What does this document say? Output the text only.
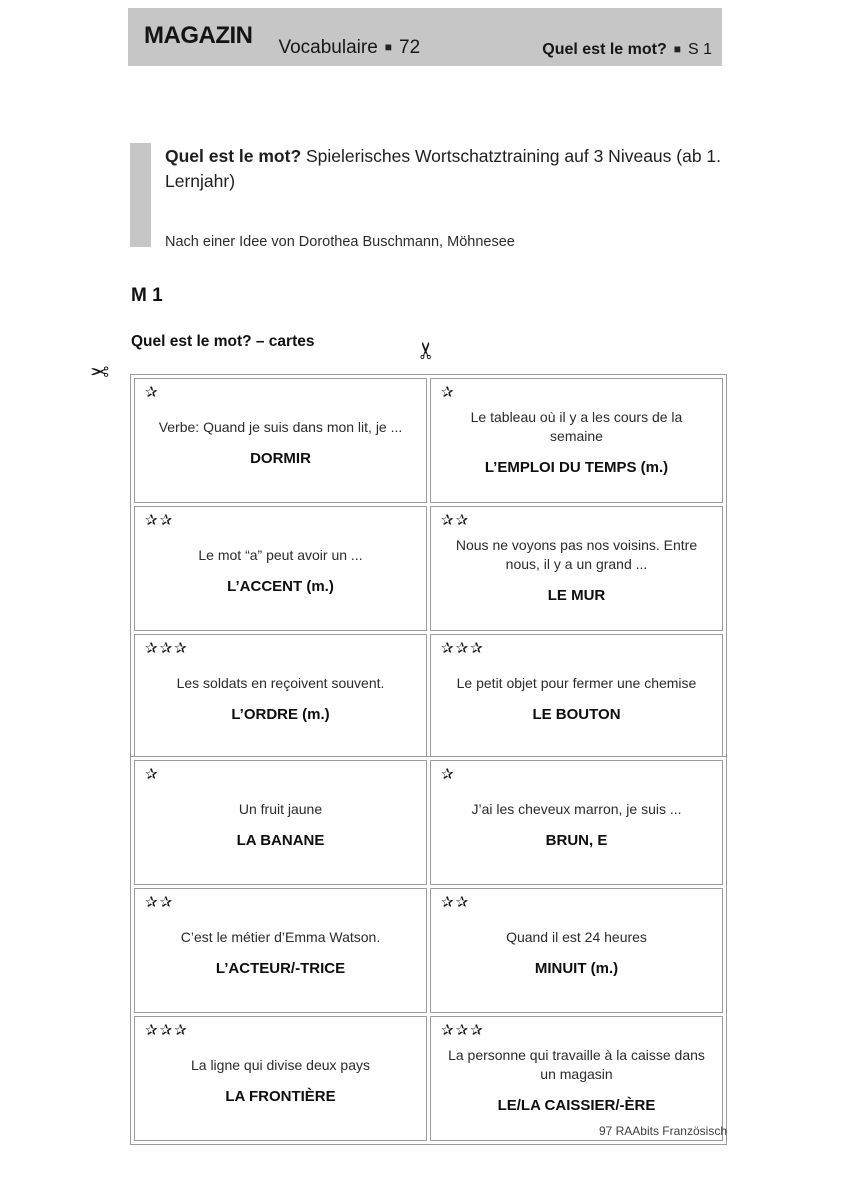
MAGAZIN Vocabulaire ■ 72	Quel est le mot? ■ S 1
Quel est le mot? Spielerisches Wortschatztraining auf 3 Niveaus (ab 1. Lernjahr)
Nach einer Idee von Dorothea Buschmann, Möhnesee
M 1
Quel est le mot? – cartes
✂
✂
✰
Verbe: Quand je suis dans mon lit, je ...
DORMIR

✰
Le tableau où il y a les cours de la semaine
L’EMPLOI DU TEMPS (m.)

✰✰
Le mot “a” peut avoir un ...
L’ACCENT (m.)

✰✰
Nous ne voyons pas nos voisins. Entre nous, il y a un grand ...
LE MUR

✰✰✰
Les soldats en reçoivent souvent.
L’ORDRE (m.)

✰✰✰
Le petit objet pour fermer une chemise
LE BOUTON
✰
Un fruit jaune
LA BANANE

✰
J’ai les cheveux marron, je suis ...
BRUN, E

✰✰
C’est le métier d’Emma Watson.
L’ACTEUR/-TRICE

✰✰
Quand il est 24 heures
MINUIT (m.)

✰✰✰
La ligne qui divise deux pays
LA FRONTIÈRE

✰✰✰
La personne qui travaille à la caisse dans un magasin
LE/LA CAISSIER/-ÈRE
97 RAAbits Französisch
